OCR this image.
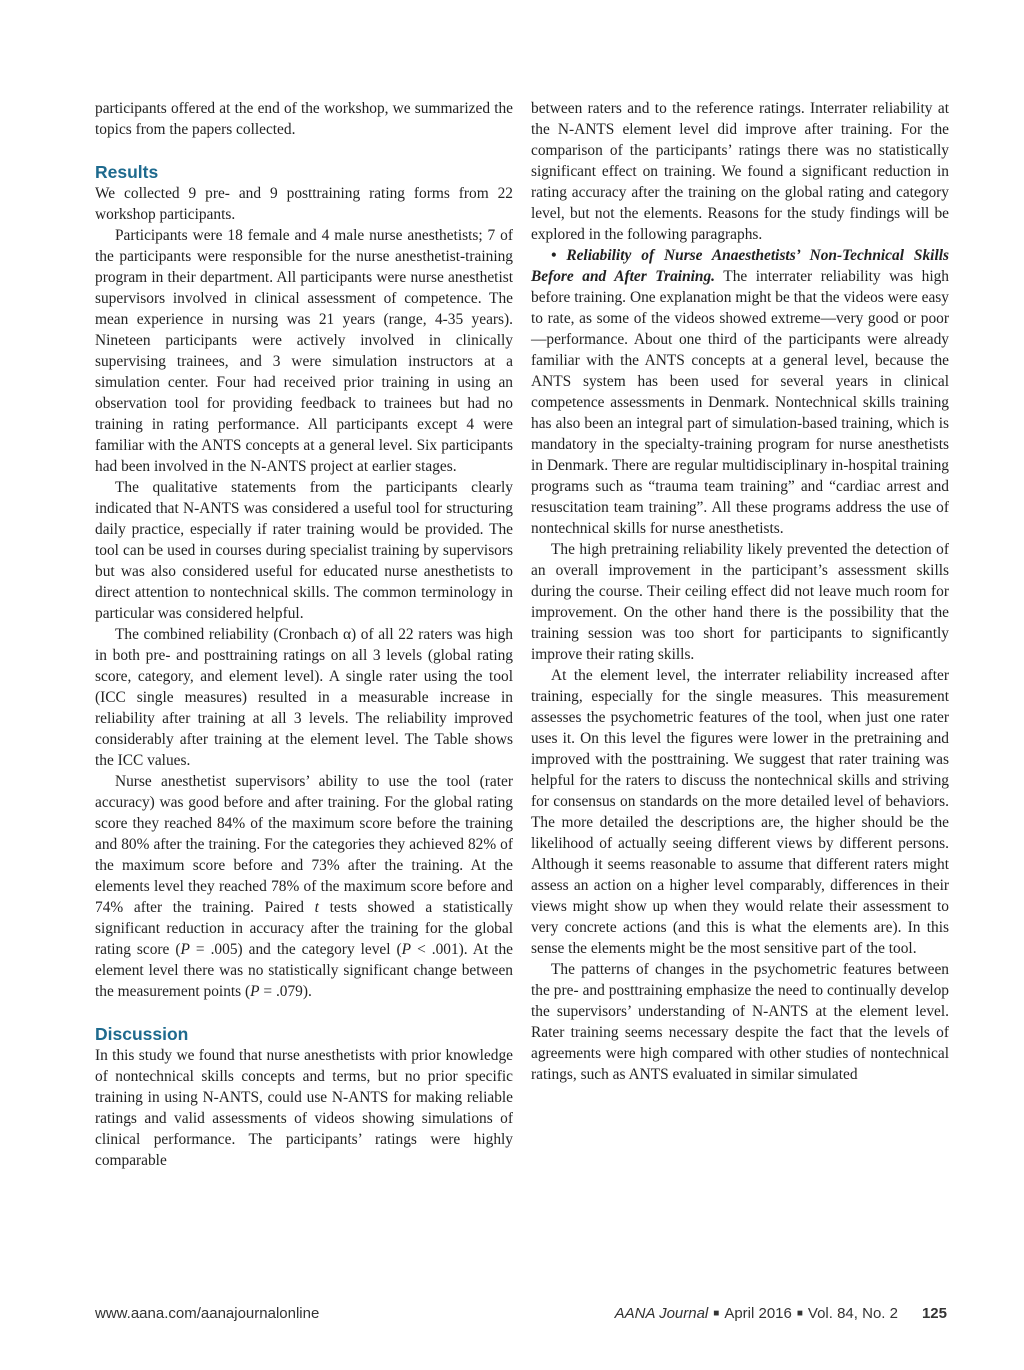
participants offered at the end of the workshop, we summarized the topics from the papers collected.

Results

We collected 9 pre- and 9 posttraining rating forms from 22 workshop participants.

Participants were 18 female and 4 male nurse anesthetists; 7 of the participants were responsible for the nurse anesthetist-training program in their department. All participants were nurse anesthetist supervisors involved in clinical assessment of competence. The mean experience in nursing was 21 years (range, 4-35 years). Nineteen participants were actively involved in clinically supervising trainees, and 3 were simulation instructors at a simulation center. Four had received prior training in using an observation tool for providing feedback to trainees but had no training in rating performance. All participants except 4 were familiar with the ANTS concepts at a general level. Six participants had been involved in the N-ANTS project at earlier stages.

The qualitative statements from the participants clearly indicated that N-ANTS was considered a useful tool for structuring daily practice, especially if rater training would be provided. The tool can be used in courses during specialist training by supervisors but was also considered useful for educated nurse anesthetists to direct attention to nontechnical skills. The common terminology in particular was considered helpful.

The combined reliability (Cronbach α) of all 22 raters was high in both pre- and posttraining ratings on all 3 levels (global rating score, category, and element level). A single rater using the tool (ICC single measures) resulted in a measurable increase in reliability after training at all 3 levels. The reliability improved considerably after training at the element level. The Table shows the ICC values.

Nurse anesthetist supervisors’ ability to use the tool (rater accuracy) was good before and after training. For the global rating score they reached 84% of the maximum score before the training and 80% after the training. For the categories they achieved 82% of the maximum score before and 73% after the training. At the elements level they reached 78% of the maximum score before and 74% after the training. Paired t tests showed a statistically significant reduction in accuracy after the training for the global rating score (P = .005) and the category level (P < .001). At the element level there was no statistically significant change between the measurement points (P = .079).

Discussion

In this study we found that nurse anesthetists with prior knowledge of nontechnical skills concepts and terms, but no prior specific training in using N-ANTS, could use N-ANTS for making reliable ratings and valid assessments of videos showing simulations of clinical performance. The participants’ ratings were highly comparable

between raters and to the reference ratings. Interrater reliability at the N-ANTS element level did improve after training. For the comparison of the participants’ ratings there was no statistically significant effect on training. We found a significant reduction in rating accuracy after the training on the global rating and category level, but not the elements. Reasons for the study findings will be explored in the following paragraphs.

• Reliability of Nurse Anaesthetists’ Non-Technical Skills Before and After Training. The interrater reliability was high before training. One explanation might be that the videos were easy to rate, as some of the videos showed extreme—very good or poor—performance. About one third of the participants were already familiar with the ANTS concepts at a general level, because the ANTS system has been used for several years in clinical competence assessments in Denmark. Nontechnical skills training has also been an integral part of simulation-based training, which is mandatory in the specialty-training program for nurse anesthetists in Denmark. There are regular multidisciplinary in-hospital training programs such as “trauma team training” and “cardiac arrest and resuscitation team training”. All these programs address the use of nontechnical skills for nurse anesthetists.

The high pretraining reliability likely prevented the detection of an overall improvement in the participant’s assessment skills during the course. Their ceiling effect did not leave much room for improvement. On the other hand there is the possibility that the training session was too short for participants to significantly improve their rating skills.

At the element level, the interrater reliability increased after training, especially for the single measures. This measurement assesses the psychometric features of the tool, when just one rater uses it. On this level the figures were lower in the pretraining and improved with the posttraining. We suggest that rater training was helpful for the raters to discuss the nontechnical skills and striving for consensus on standards on the more detailed level of behaviors. The more detailed the descriptions are, the higher should be the likelihood of actually seeing different views by different persons. Although it seems reasonable to assume that different raters might assess an action on a higher level comparably, differences in their views might show up when they would relate their assessment to very concrete actions (and this is what the elements are). In this sense the elements might be the most sensitive part of the tool.

The patterns of changes in the psychometric features between the pre- and posttraining emphasize the need to continually develop the supervisors’ understanding of N-ANTS at the element level. Rater training seems necessary despite the fact that the levels of agreements were high compared with other studies of nontechnical ratings, such as ANTS evaluated in similar simulated

www.aana.com/aanajournalonline	AANA Journal ■ April 2016 ■ Vol. 84, No. 2 125
